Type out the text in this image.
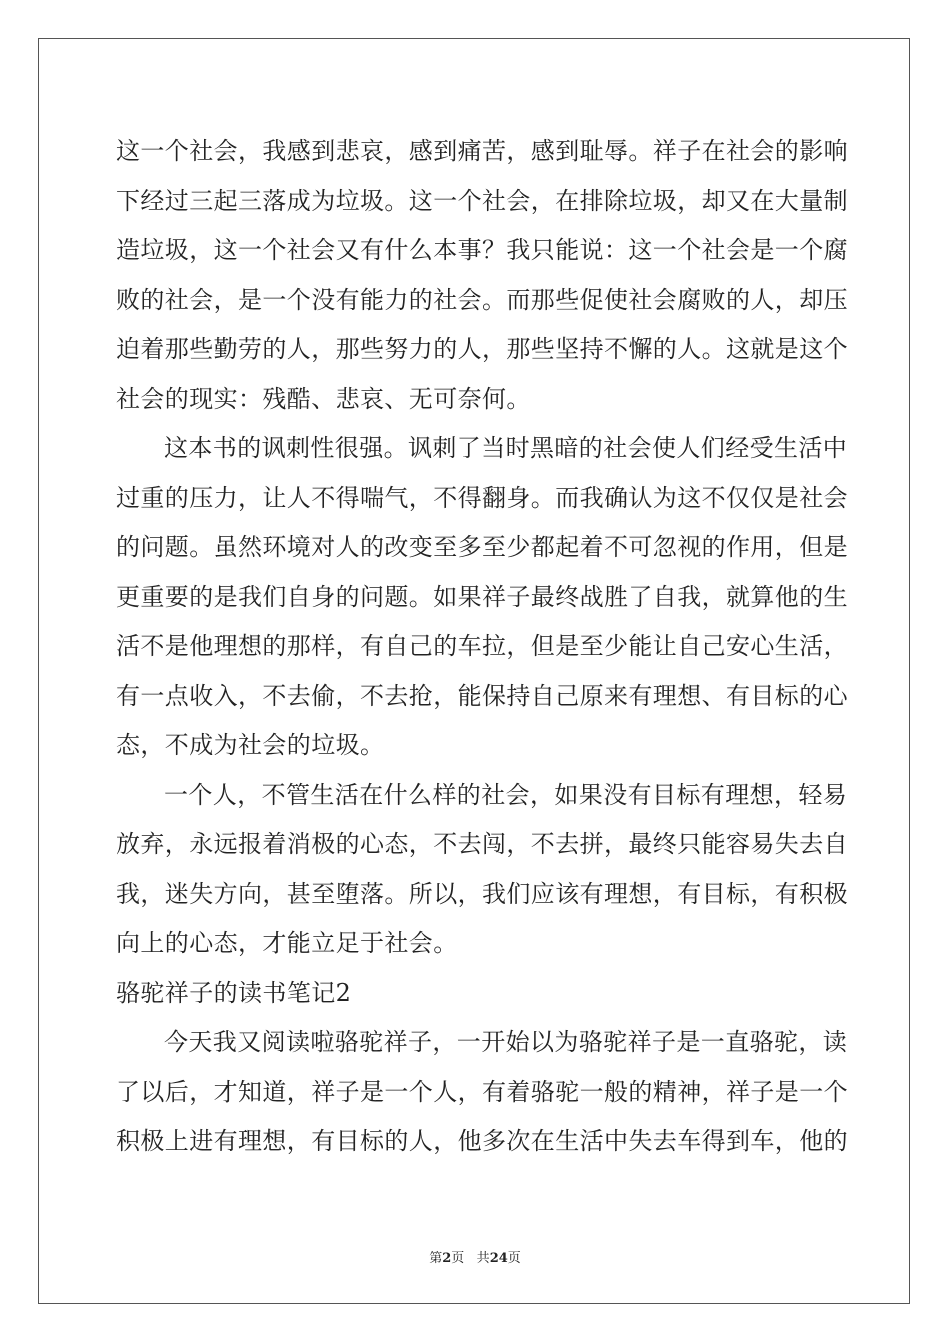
这一个社会，我感到悲哀，感到痛苦，感到耻辱。祥子在社会的影响
下经过三起三落成为垃圾。这一个社会，在排除垃圾，却又在大量制
造垃圾，这一个社会又有什么本事？我只能说：这一个社会是一个腐
败的社会，是一个没有能力的社会。而那些促使社会腐败的人，却压
迫着那些勤劳的人，那些努力的人，那些坚持不懈的人。这就是这个
社会的现实：残酷、悲哀、无可奈何。
这本书的讽刺性很强。讽刺了当时黑暗的社会使人们经受生活中
过重的压力，让人不得喘气，不得翻身。而我确认为这不仅仅是社会
的问题。虽然环境对人的改变至多至少都起着不可忽视的作用，但是
更重要的是我们自身的问题。如果祥子最终战胜了自我，就算他的生
活不是他理想的那样，有自己的车拉，但是至少能让自己安心生活，
有一点收入，不去偷，不去抢，能保持自己原来有理想、有目标的心
态，不成为社会的垃圾。
一个人，不管生活在什么样的社会，如果没有目标有理想，轻易
放弃，永远报着消极的心态，不去闯，不去拼，最终只能容易失去自
我，迷失方向，甚至堕落。所以，我们应该有理想，有目标，有积极
向上的心态，才能立足于社会。
骆驼祥子的读书笔记2
今天我又阅读啦骆驼祥子，一开始以为骆驼祥子是一直骆驼，读
了以后，才知道，祥子是一个人，有着骆驼一般的精神，祥子是一个
积极上进有理想，有目标的人，他多次在生活中失去车得到车，他的
第2页 共24页
